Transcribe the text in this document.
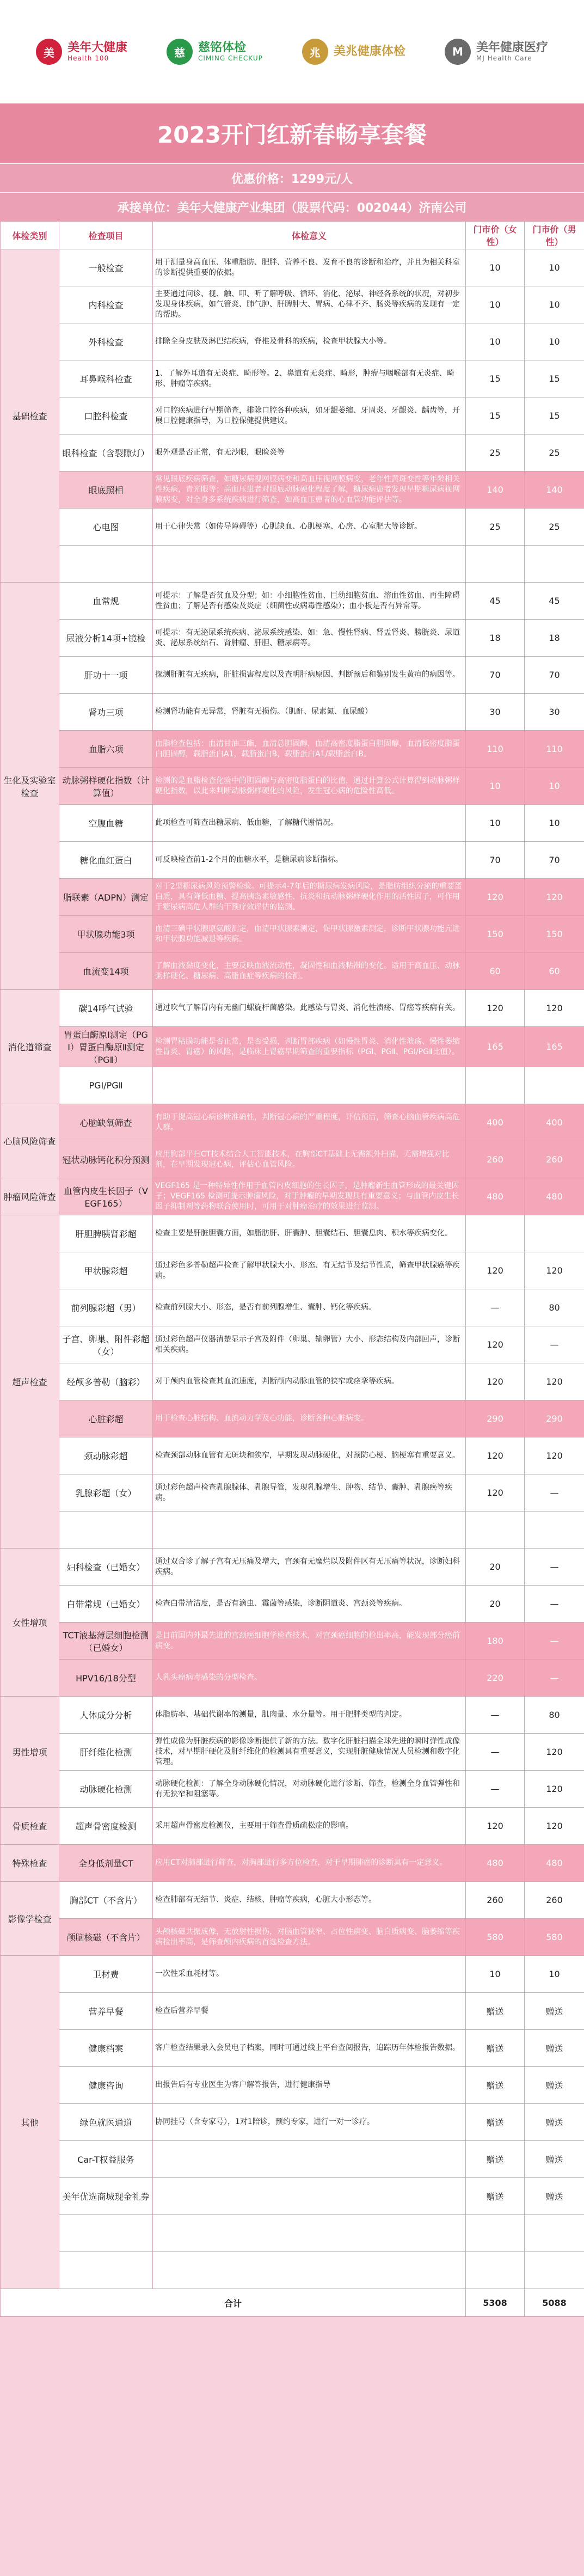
美	美年大健康
Health 100	慈	慈铭体检
CIMING CHECKUP	兆	美兆健康体检	M	美年健康医疗
MJ Health Care
2023开门红新春畅享套餐
优惠价格：1299元/人
承接单位：美年大健康产业集团（股票代码：002044）济南公司
体检类别	检查项目	体检意义	门市价（女性）	门市价（男性）
基础检查	一般检查	用于测量身高血压、体重脂肪、肥胖、营养不良、发育不良的诊断和治疗，并且为相关科室的诊断提供重要的依据。	10	10
	内科检查	主要通过问诊、视、触、叩、听了解呼吸、循环、消化、泌尿、神经各系统的状况，对初步发现身体疾病，如气管炎、肺气肿、肝脾肿大、胃病、心律不齐、肠炎等疾病的发现有一定的帮助。	10	10
	外科检查	排除全身皮肤及淋巴结疾病，脊椎及骨科的疾病，检查甲状腺大小等。	10	10
	耳鼻喉科检查	1、了解外耳道有无炎症、畸形等。2、鼻道有无炎症、畸形，肿瘤与咽喉部有无炎症、畸形、肿瘤等疾病。	15	15
	口腔科检查	对口腔疾病进行早期筛查，排除口腔各种疾病，如牙龈萎缩、牙周炎、牙龈炎、龋齿等，开展口腔健康指导，为口腔保健提供建议。	15	15
	眼科检查（含裂隙灯）	眼外观是否正常，有无沙眼，眼睑炎等	25	25
	眼底照相	常见眼底疾病筛查，如糖尿病视网膜病变和高血压视网膜病变，老年性黄斑变性等年龄相关性疾病，青光眼等；高血压患者对眼底动脉硬化程度了解，糖尿病患者发现早期糖尿病视网膜病变，对全身多系统疾病进行筛查，如高血压患者的心血管功能评估等。	140	140
	心电图	用于心律失常（如传导障碍等）心肌缺血、心肌梗塞、心房、心室肥大等诊断。	25	25

生化及实验室检查	血常规	可提示：了解是否贫血及分型；如：小细胞性贫血、巨幼细胞贫血、溶血性贫血、再生障碍性贫血；了解是否有感染及炎症（细菌性或病毒性感染）；血小板是否有异常等。	45	45
	尿液分析14项+镜检	可提示：有无泌尿系统疾病、泌尿系统感染、如：急、慢性肾病、肾盂肾炎、膀胱炎、尿道炎、泌尿系统结石、肾肿瘤、肝胆、糖尿病等。	18	18
	肝功十一项	探测肝脏有无疾病，肝脏损害程度以及查明肝病原因、判断预后和鉴别发生黄疸的病因等。	70	70
	肾功三项	检测肾功能有无异常，肾脏有无损伤。（肌酐、尿素氮、血尿酸）	30	30
	血脂六项	血脂检查包括：血清甘油三酯，血清总胆固醇，血清高密度脂蛋白胆固醇，血清低密度脂蛋白胆固醇，载脂蛋白A1，载脂蛋白B，载脂蛋白A1/载脂蛋白B。	110	110
	动脉粥样硬化指数（计算值）	检测的是血脂检查化验中的胆固醇与高密度脂蛋白的比值，通过计算公式计算得到动脉粥样硬化指数，以此来判断动脉粥样硬化的风险，发生冠心病的危险性高低。	10	10
	空腹血糖	此项检查可筛查出糖尿病、低血糖，了解糖代谢情况。	10	10
	糖化血红蛋白	可反映检查前1-2个月的血糖水平，是糖尿病诊断指标。	70	70
	脂联素（ADPN）测定	对于2型糖尿病风险预警检验。可提示4-7年后的糖尿病发病风险，是脂肪组织分泌的重要蛋白质，具有降低血糖、提高胰岛素敏感性、抗炎和抗动脉粥样硬化作用的活性因子，可作用于糖尿病高危人群的干预疗效评估的监测。	120	120
	甲状腺功能3项	血清三碘甲状腺原氨酸测定，血清甲状腺素测定，促甲状腺激素测定，诊断甲状腺功能亢进和甲状腺功能减退等疾病。	150	150
	血流变14项	了解血液黏度变化，主要反映血液流动性，凝固性和血液粘滞的变化。适用于高血压、动脉粥样硬化、糖尿病、高脂血症等疾病的检测。	60	60
消化道筛查	碳14呼气试验	通过吹气了解胃内有无幽门螺旋杆菌感染。此感染与胃炎、消化性溃疡、胃癌等疾病有关。	120	120
	胃蛋白酶原Ⅰ测定（PGⅠ）胃蛋白酶原Ⅱ测定（PGⅡ）	检测胃粘膜功能是否正常，是否受损，判断胃部疾病（如慢性胃炎、消化性溃疡、慢性萎缩性胃炎、胃癌）的风险，是临床上胃癌早期筛查的重要指标（PGⅠ、PGⅡ、PGⅠ/PGⅡ比值）。	165	165
	PGⅠ/PGⅡ			
心脑风险筛查	心脑缺氧筛查	有助于提高冠心病诊断准确性，判断冠心病的严重程度，评估预后，筛查心脑血管疾病高危人群。	400	400
	冠状动脉钙化积分预测	应用胸部平扫CT技术结合人工智能技术，在胸部CT基础上无需额外扫描，无需增强对比剂，在早期发现冠心病，评估心血管风险。	260	260
肿瘤风险筛查	血管内皮生长因子（VEGF165）	VEGF165 是一种特异性作用于血管内皮细胞的生长因子，是肿瘤新生血管形成的最关键因子；VEGF165 检测可提示肿瘤风险，对于肿瘤的早期发现具有重要意义；与血管内皮生长因子抑制剂等药物联合使用时，可用于对肿瘤治疗的效果进行监测。	480	480
超声检查	肝胆脾胰肾彩超	检查主要是肝脏胆囊方面，如脂肪肝、肝囊肿、胆囊结石、胆囊息肉、积水等疾病变化。		
	甲状腺彩超	通过彩色多普勒超声检查了解甲状腺大小、形态、有无结节及结节性质，筛查甲状腺癌等疾病。	120	120
	前列腺彩超（男）	检查前列腺大小、形态，是否有前列腺增生、囊肿、钙化等疾病。	—	80
	子宫、卵巢、附件彩超（女）	通过彩色超声仪器清楚显示子宫及附件（卵巢、输卵管）大小、形态结构及内部回声，诊断相关疾病。	120	—
	经颅多普勒（脑彩）	对于颅内血管检查其血流速度，判断颅内动脉血管的狭窄或痉挛等疾病。	120	120
	心脏彩超	用于检查心脏结构、血流动力学及心功能，诊断各种心脏病变。	290	290
	颈动脉彩超	检查颈部动脉血管有无斑块和狭窄，早期发现动脉硬化，对预防心梗、脑梗塞有重要意义。	120	120
	乳腺彩超（女）	通过彩色超声检查乳腺腺体、乳腺导管，发现乳腺增生、肿物、结节、囊肿、乳腺癌等疾病。	120	—

女性增项	妇科检查（已婚女）	通过双合诊了解子宫有无压痛及增大，宫颈有无糜烂以及附件区有无压痛等状况，诊断妇科疾病。	20	—
	白带常规（已婚女）	检查白带清洁度，是否有滴虫、霉菌等感染，诊断阴道炎、宫颈炎等疾病。	20	—
	TCT液基薄层细胞检测（已婚女）	是目前国内外最先进的宫颈癌细胞学检查技术，对宫颈癌细胞的检出率高，能发现部分癌前病变。	180	—
	HPV16/18分型	人乳头瘤病毒感染的分型检查。	220	—
男性增项	人体成分分析	体脂肪率、基础代谢率的测量，肌肉量、水分量等。用于肥胖类型的判定。	—	80
	肝纤维化检测	弹性成像为肝脏疾病的影像诊断提供了新的方法。数字化肝脏扫描全球先进的瞬时弹性成像技术，对早期肝硬化及肝纤维化的检测具有重要意义，实现肝脏健康情况人员检测和数字化管理。	—	120
	动脉硬化检测	动脉硬化检测：了解全身动脉硬化情况，对动脉硬化进行诊断、筛查，检测全身血管弹性和有无狭窄和阻塞等。	—	120
骨质检查	超声骨密度检测	采用超声骨密度检测仪，主要用于筛查骨质疏松症的影响。	120	120
特殊检查	全身低剂量CT	应用CT对肺部进行筛查，对胸部进行多方位检查，对于早期肺癌的诊断具有一定意义。	480	480
影像学检查	胸部CT（不含片）	检查肺部有无结节、炎症、结核、肿瘤等疾病，心脏大小形态等。	260	260
	颅脑核磁（不含片）	头颅核磁共振成像，无放射性损伤，对脑血管狭窄、占位性病变、脑白质病变、脑萎缩等疾病检出率高，是筛查颅内疾病的首选检查方法。	580	580
其他	卫材费	一次性采血耗材等。	10	10
	营养早餐	检查后营养早餐	赠送	赠送
	健康档案	客户检查结果录入会员电子档案，同时可通过线上平台查阅报告，追踪历年体检报告数据。	赠送	赠送
	健康咨询	出报告后有专业医生为客户解答报告，进行健康指导	赠送	赠送
	绿色就医通道	协同挂号（含专家号），1对1陪诊，预约专家，进行一对一诊疗。	赠送	赠送
	Car-T权益服务		赠送	赠送
	美年优选商城现金礼券		赠送	赠送

合计			5308	5088
